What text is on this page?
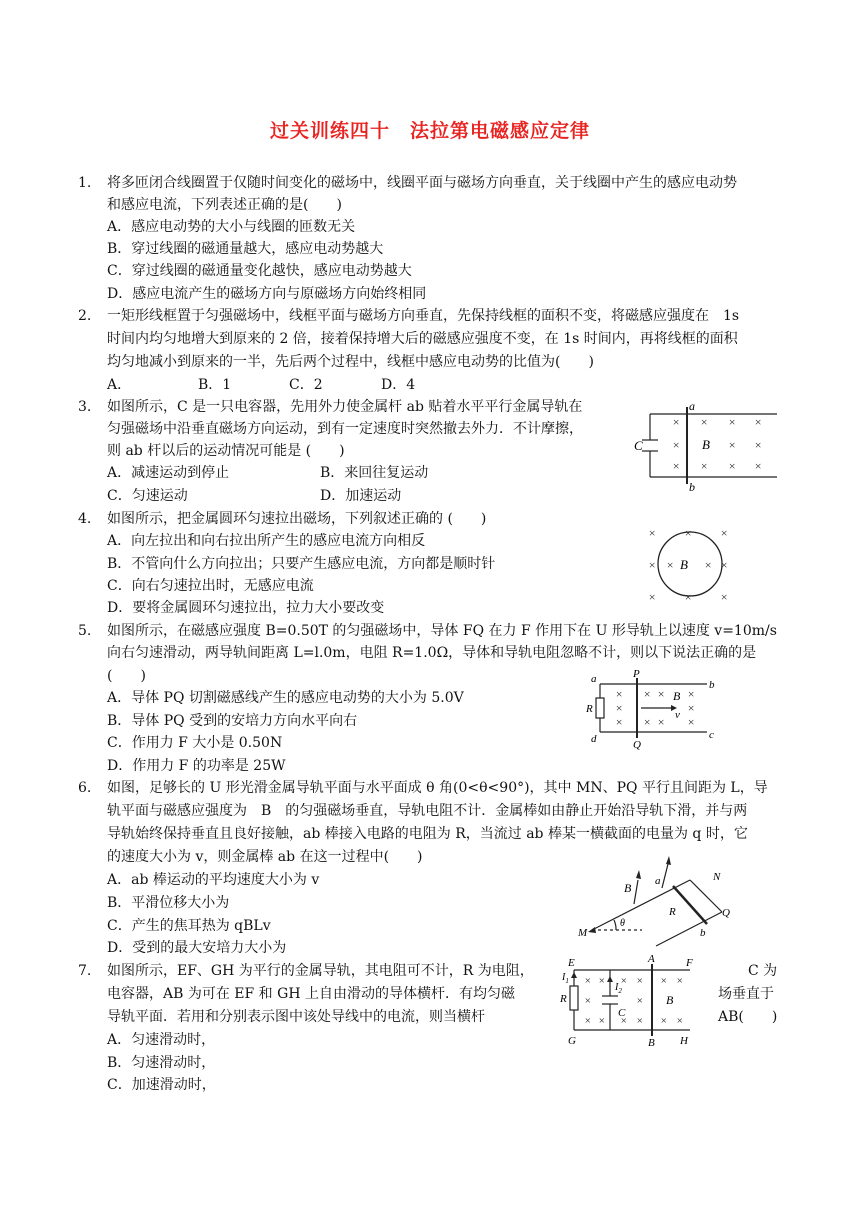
过关训练四十　法拉第电磁感应定律
1. 将多匝闭合线圈置于仅随时间变化的磁场中，线圈平面与磁场方向垂直，关于线圈中产生的感应电动势
和感应电流，下列表述正确的是(　　)
A．感应电动势的大小与线圈的匝数无关
B．穿过线圈的磁通量越大，感应电动势越大
C．穿过线圈的磁通量变化越快，感应电动势越大
D．感应电流产生的磁场方向与原磁场方向始终相同
2. 一矩形线框置于匀强磁场中，线框平面与磁场方向垂直，先保持线框的面积不变，将磁感应强度在　1s
时间内均匀地增大到原来的 2 倍，接着保持增大后的磁感应强度不变，在 1s 时间内，再将线框的面积
均匀地减小到原来的一半，先后两个过程中，线框中感应电动势的比值为(　　)
A．	B．1	C．2	D．4
3. 如图所示，C 是一只电容器，先用外力使金属杆 ab 贴着水平平行金属导轨在
匀强磁场中沿垂直磁场方向运动，到有一定速度时突然撤去外力．不计摩擦，
则 ab 杆以后的运动情况可能是 (　　)
A．减速运动到停止	B．来回往复运动
C．匀速运动	D．加速运动
× × × ×
×	× ×
× × × ×
C
a
b
B
4. 如图所示，把金属圆环匀速拉出磁场，下列叙述正确的 (　　)
A．向左拉出和向右拉出所产生的感应电流方向相反
B．不管向什么方向拉出；只要产生感应电流，方向都是顺时针
C．向右匀速拉出时，无感应电流
D．要将金属圆环匀速拉出，拉力大小要改变
× × ×
× × × ×
× × ×
B
5. 如图所示，在磁感应强度 B=0.50T 的匀强磁场中，导体 FQ 在力 F 作用下在 U 形导轨上以速度 v=10m/s
向右匀速滑动，两导轨间距离 L=l.0m，电阻 R=1.0Ω，导体和导轨电阻忽略不计，则以下说法正确的是
(　　)
A．导体 PQ 切割磁感线产生的感应电动势的大小为 5.0V
B．导体 PQ 受到的安培力方向水平向右
C．作用力 F 大小是 0.50N
D．作用力 F 的功率是 25W
× × × ×
×	×
× × × ×
a	b
c
d
P
Q
R
B
v
6. 如图，足够长的 U 形光滑金属导轨平面与水平面成 θ 角(0<θ<90°)，其中 MN、PQ 平行且间距为 L，导
轨平面与磁感应强度为　B　的匀强磁场垂直，导轨电阻不计．金属棒如由静止开始沿导轨下滑，并与两
导轨始终保持垂直且良好接触，ab 棒接入电路的电阻为 R，当流过 ab 棒某一横截面的电量为 q 时，它
的速度大小为 v，则金属棒 ab 在这一过程中(　　)
A．ab 棒运动的平均速度大小为 v
B．平滑位移大小为
C．产生的焦耳热为 qBLv
D．受到的最大安培力大小为
B a	N
R	Q
M
θ
b
7. 如图所示，EF、GH 为平行的金属导轨，其电阻可不计，R 为电阻，	C 为
电容器，AB 为可在 EF 和 GH 上自由滑动的导体横杆．有均匀磁	场垂直于
导轨平面．若用和分别表示图中该处导线中的电流，则当横杆	AB(　　)
A．匀速滑动时，
B．匀速滑动时，
C．加速滑动时，
× × × × × ×
×	×
× × × × × ×
E	A	F
$I_1$
$I_2$
R
C
B
G	B H
